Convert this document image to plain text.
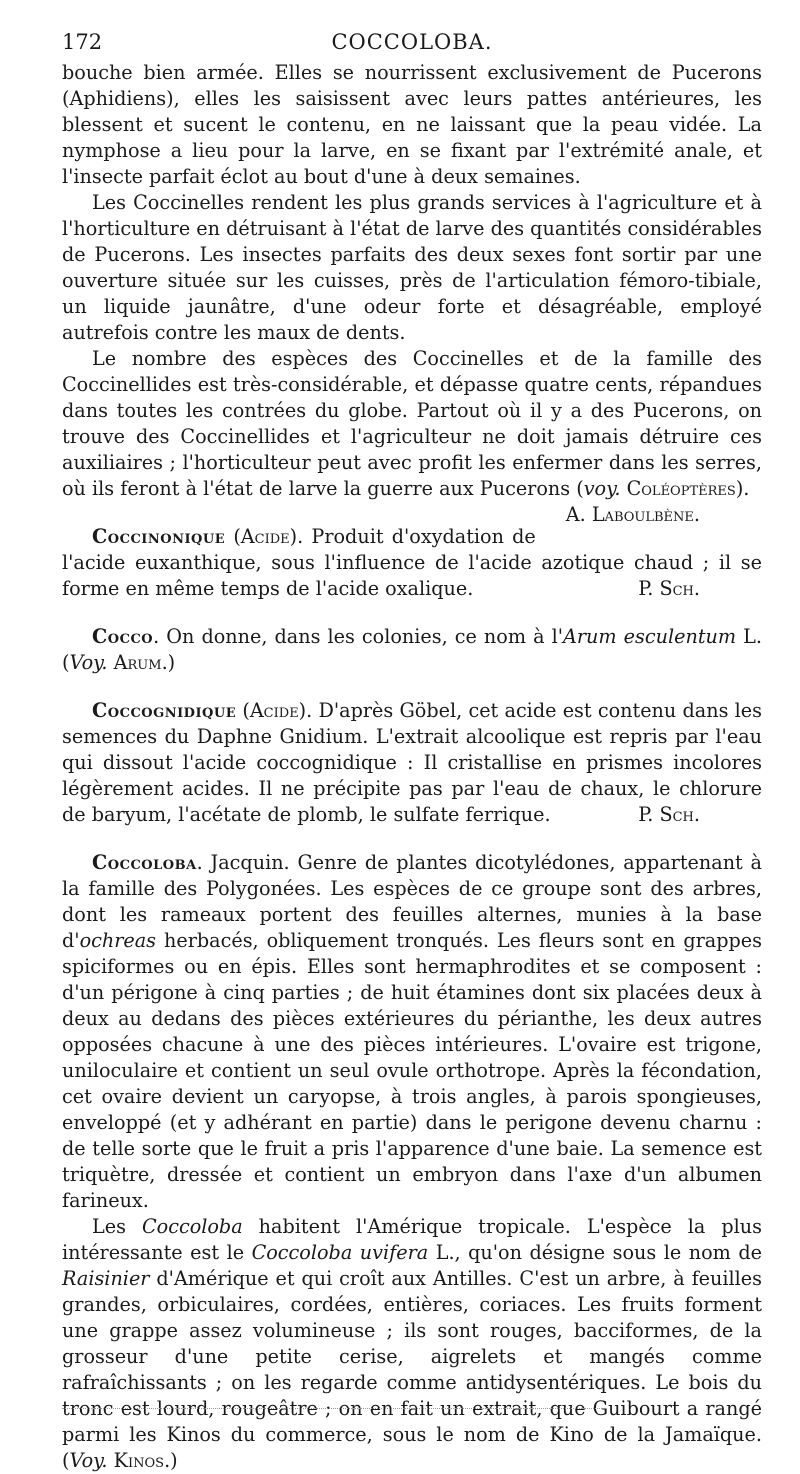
172	COCCOLOBA.

bouche bien armée. Elles se nourrissent exclusivement de Pucerons (Aphidiens), elles les saisissent avec leurs pattes antérieures, les blessent et sucent le contenu, en ne laissant que la peau vidée. La nymphose a lieu pour la larve, en se fixant par l'extrémité anale, et l'insecte parfait éclot au bout d'une à deux semaines.

Les Coccinelles rendent les plus grands services à l'agriculture et à l'horticulture en détruisant à l'état de larve des quantités considérables de Pucerons. Les insectes parfaits des deux sexes font sortir par une ouverture située sur les cuisses, près de l'articulation fémoro-tibiale, un liquide jaunâtre, d'une odeur forte et désagréable, employé autrefois contre les maux de dents.

Le nombre des espèces des Coccinelles et de la famille des Coccinellides est très-considérable, et dépasse quatre cents, répandues dans toutes les contrées du globe. Partout où il y a des Pucerons, on trouve des Coccinellides et l'agriculteur ne doit jamais détruire ces auxiliaires ; l'horticulteur peut avec profit les enfermer dans les serres, où ils feront à l'état de larve la guerre aux Pucerons (voy. Coléoptères).
A. Laboulbène.

Coccinonique (Acide). Produit d'oxydation de l'acide euxanthique, sous l'influence de l'acide azotique chaud ; il se forme en même temps de l'acide oxalique.	P. Sch.

Cocco. On donne, dans les colonies, ce nom à l'Arum esculentum L. (Voy. Arum.)

Coccognidique (Acide). D'après Göbel, cet acide est contenu dans les semences du Daphne Gnidium. L'extrait alcoolique est repris par l'eau qui dissout l'acide coccognidique : Il cristallise en prismes incolores légèrement acides. Il ne précipite pas par l'eau de chaux, le chlorure de baryum, l'acétate de plomb, le sulfate ferrique.	P. Sch.

Coccoloba. Jacquin. Genre de plantes dicotylédones, appartenant à la famille des Polygonées. Les espèces de ce groupe sont des arbres, dont les rameaux portent des feuilles alternes, munies à la base d'ochreas herbacés, obliquement tronqués. Les fleurs sont en grappes spiciformes ou en épis. Elles sont hermaphrodites et se composent : d'un périgone à cinq parties ; de huit étamines dont six placées deux à deux au dedans des pièces extérieures du périanthe, les deux autres opposées chacune à une des pièces intérieures. L'ovaire est trigone, uniloculaire et contient un seul ovule orthotrope. Après la fécondation, cet ovaire devient un caryopse, à trois angles, à parois spongieuses, enveloppé (et y adhérant en partie) dans le perigone devenu charnu : de telle sorte que le fruit a pris l'apparence d'une baie. La semence est triquètre, dressée et contient un embryon dans l'axe d'un albumen farineux.

Les Coccoloba habitent l'Amérique tropicale. L'espèce la plus intéressante est le Coccoloba uvifera L., qu'on désigne sous le nom de Raisinier d'Amérique et qui croît aux Antilles. C'est un arbre, à feuilles grandes, orbiculaires, cordées, entières, coriaces. Les fruits forment une grappe assez volumineuse ; ils sont rouges, bacciformes, de la grosseur d'une petite cerise, aigrelets et mangés comme rafraîchissants ; on les regarde comme antidysentériques. Le bois du tronc est lourd, rougeâtre ; on en fait un extrait, que Guibourt a rangé parmi les Kinos du commerce, sous le nom de Kino de la Jamaïque. (Voy. Kinos.)
